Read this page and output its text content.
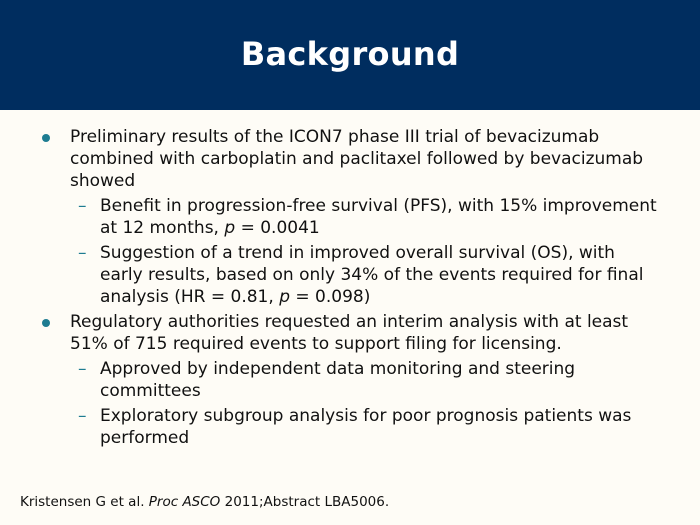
Background
Preliminary results of the ICON7 phase III trial of bevacizumab combined with carboplatin and paclitaxel followed by bevacizumab showed
– Benefit in progression-free survival (PFS), with 15% improvement at 12 months, p = 0.0041
– Suggestion of a trend in improved overall survival (OS), with early results, based on only 34% of the events required for final analysis (HR = 0.81, p = 0.098)
Regulatory authorities requested an interim analysis with at least 51% of 715 required events to support filing for licensing.
– Approved by independent data monitoring and steering committees
– Exploratory subgroup analysis for poor prognosis patients was performed
Kristensen G et al. Proc ASCO 2011;Abstract LBA5006.
